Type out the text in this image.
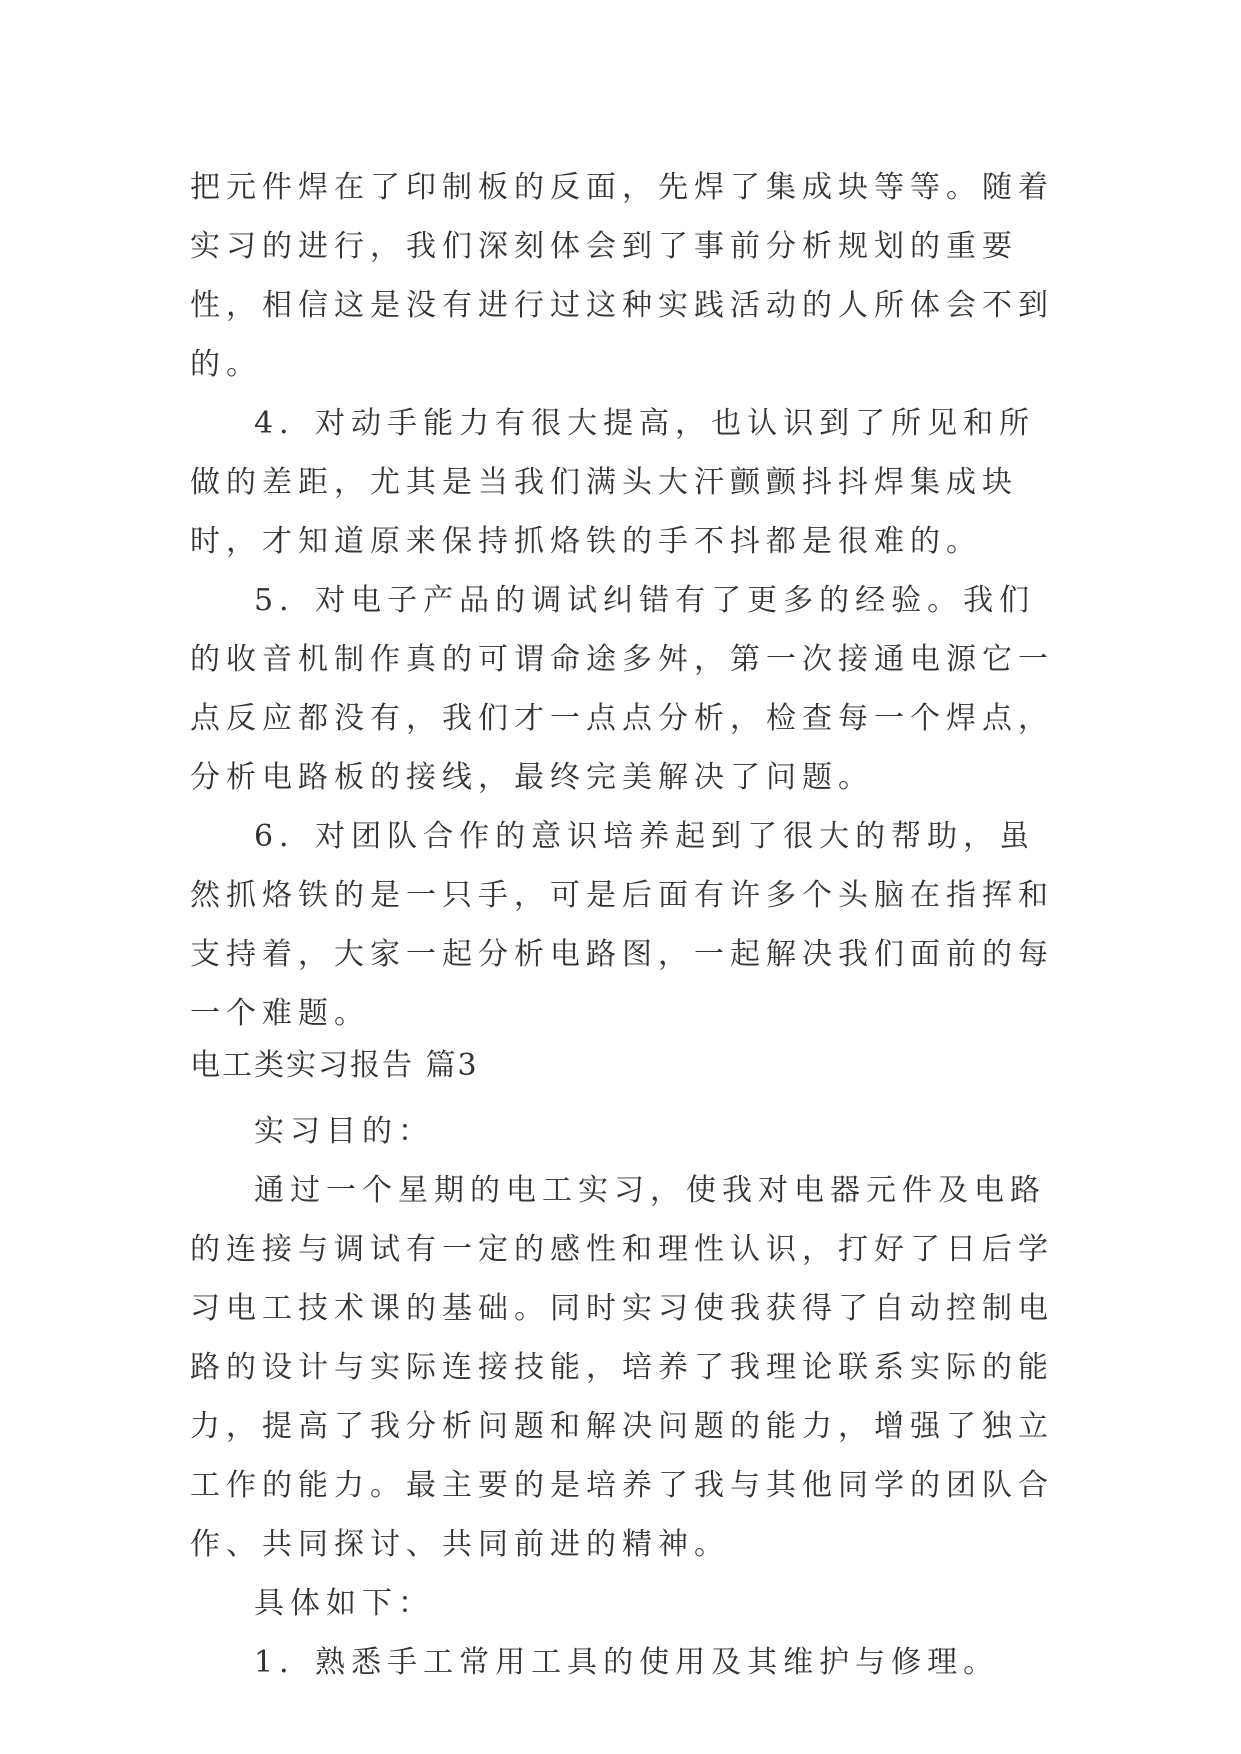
把元件焊在了印制板的反面，先焊了集成块等等。随着实习的进行，我们深刻体会到了事前分析规划的重要性，相信这是没有进行过这种实践活动的人所体会不到的。

4．对动手能力有很大提高，也认识到了所见和所做的差距，尤其是当我们满头大汗颤颤抖抖焊集成块时，才知道原来保持抓烙铁的手不抖都是很难的。

5．对电子产品的调试纠错有了更多的经验。我们的收音机制作真的可谓命途多舛，第一次接通电源它一点反应都没有，我们才一点点分析，检查每一个焊点，分析电路板的接线，最终完美解决了问题。

6．对团队合作的意识培养起到了很大的帮助，虽然抓烙铁的是一只手，可是后面有许多个头脑在指挥和支持着，大家一起分析电路图，一起解决我们面前的每一个难题。

电工类实习报告 篇3

实习目的：

通过一个星期的电工实习，使我对电器元件及电路的连接与调试有一定的感性和理性认识，打好了日后学习电工技术课的基础。同时实习使我获得了自动控制电路的设计与实际连接技能，培养了我理论联系实际的能力，提高了我分析问题和解决问题的能力，增强了独立工作的能力。最主要的是培养了我与其他同学的团队合作、共同探讨、共同前进的精神。

具体如下：

1．熟悉手工常用工具的使用及其维护与修理。
